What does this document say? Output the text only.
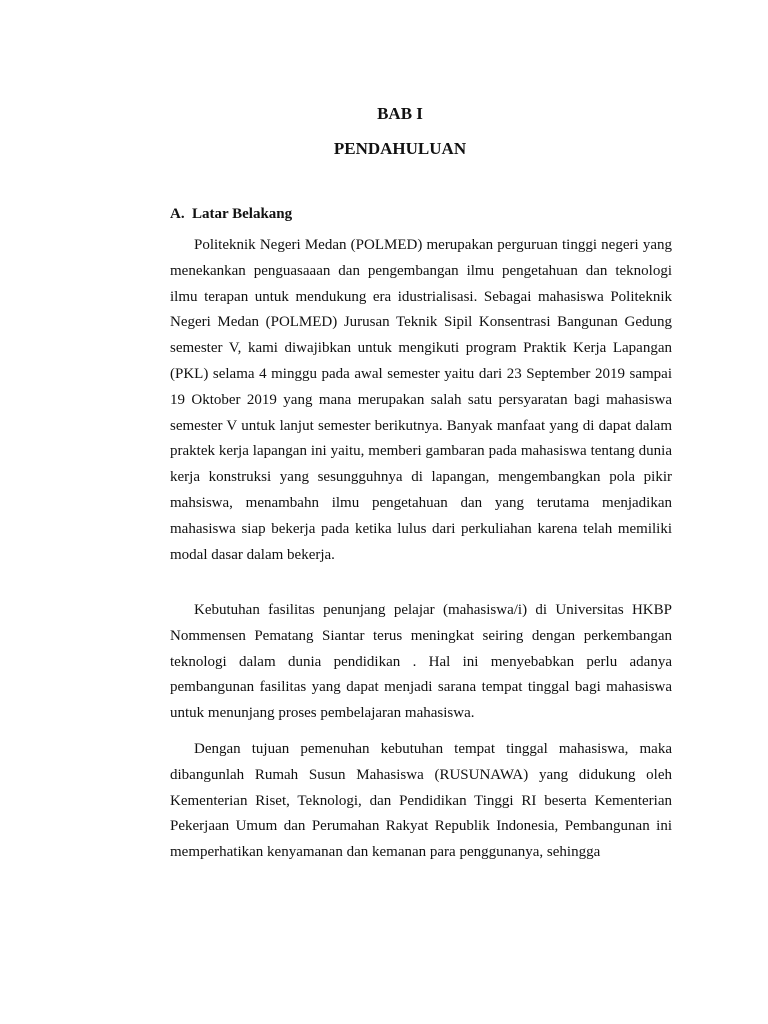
BAB I
PENDAHULUAN
A. Latar Belakang

Politeknik Negeri Medan (POLMED) merupakan perguruan tinggi negeri yang menekankan penguasaaan dan pengembangan ilmu pengetahuan dan teknologi ilmu terapan untuk mendukung era idustrialisasi. Sebagai mahasiswa Politeknik Negeri Medan (POLMED) Jurusan Teknik Sipil Konsentrasi Bangunan Gedung semester V, kami diwajibkan untuk mengikuti program Praktik Kerja Lapangan (PKL) selama 4 minggu pada awal semester yaitu dari 23 September 2019 sampai 19 Oktober 2019 yang mana merupakan salah satu persyaratan bagi mahasiswa semester V untuk lanjut semester berikutnya. Banyak manfaat yang di dapat dalam praktek kerja lapangan ini yaitu, memberi gambaran pada mahasiswa tentang dunia kerja konstruksi yang sesungguhnya di lapangan, mengembangkan pola pikir mahsiswa, menambahn ilmu pengetahuan dan yang terutama menjadikan mahasiswa siap bekerja pada ketika lulus dari perkuliahan karena telah memiliki modal dasar dalam bekerja.

Kebutuhan fasilitas penunjang pelajar (mahasiswa/i) di Universitas HKBP Nommensen Pematang Siantar terus meningkat seiring dengan perkembangan teknologi dalam dunia pendidikan . Hal ini menyebabkan perlu adanya pembangunan fasilitas yang dapat menjadi sarana tempat tinggal bagi mahasiswa untuk menunjang proses pembelajaran mahasiswa.

Dengan tujuan pemenuhan kebutuhan tempat tinggal mahasiswa, maka dibangunlah Rumah Susun Mahasiswa (RUSUNAWA) yang didukung oleh Kementerian Riset, Teknologi, dan Pendidikan Tinggi RI beserta Kementerian Pekerjaan Umum dan Perumahan Rakyat Republik Indonesia, Pembangunan ini memperhatikan kenyamanan dan kemanan para penggunanya, sehingga
